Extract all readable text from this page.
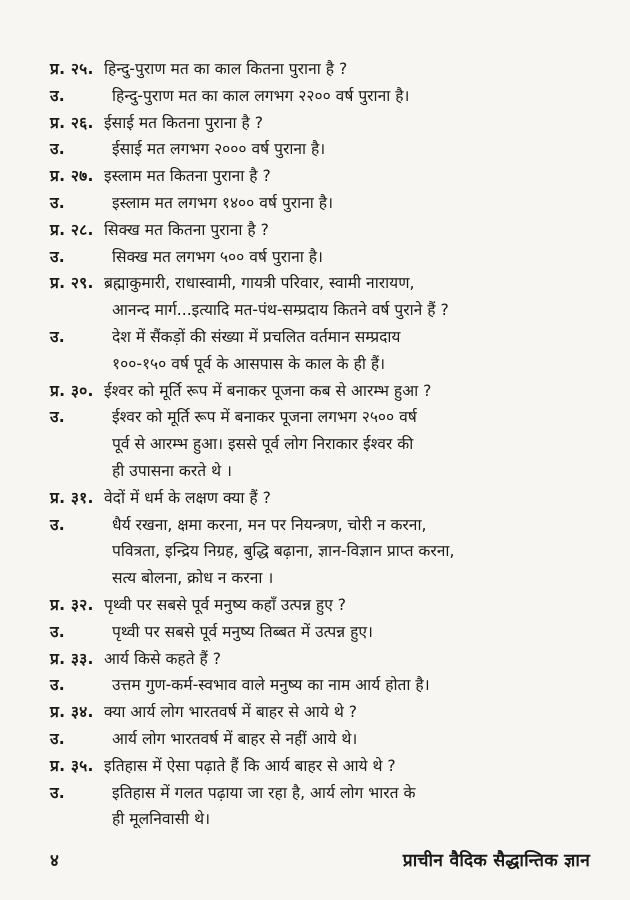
प्र. २५. हिन्दु-पुराण मत का काल कितना पुराना है ?
उ.	हिन्दु-पुराण मत का काल लगभग २२०० वर्ष पुराना है।
प्र. २६. ईसाई मत कितना पुराना है ?
उ.	ईसाई मत लगभग २००० वर्ष पुराना है।
प्र. २७. इस्लाम मत कितना पुराना है ?
उ.	इस्लाम मत लगभग १४०० वर्ष पुराना है।
प्र. २८. सिक्ख मत कितना पुराना है ?
उ.	सिक्ख मत लगभग ५०० वर्ष पुराना है।
प्र. २९. ब्रह्माकुमारी, राधास्वामी, गायत्री परिवार, स्वामी नारायण,
आनन्द मार्ग...इत्यादि मत-पंथ-सम्प्रदाय कितने वर्ष पुराने हैं ?
उ.	देश में सैंकड़ों की संख्या में प्रचलित वर्तमान सम्प्रदाय
१००-१५० वर्ष पूर्व के आसपास के काल के ही हैं।
प्र. ३०. ईश्वर को मूर्ति रूप में बनाकर पूजना कब से आरम्भ हुआ ?
उ.	ईश्वर को मूर्ति रूप में बनाकर पूजना लगभग २५०० वर्ष
पूर्व से आरम्भ हुआ। इससे पूर्व लोग निराकार ईश्वर की
ही उपासना करते थे ।
प्र. ३१. वेदों में धर्म के लक्षण क्या हैं ?
उ.	धैर्य रखना, क्षमा करना, मन पर नियन्त्रण, चोरी न करना,
पवित्रता, इन्द्रिय निग्रह, बुद्धि बढ़ाना, ज्ञान-विज्ञान प्राप्त करना,
सत्य बोलना, क्रोध न करना ।
प्र. ३२. पृथ्वी पर सबसे पूर्व मनुष्य कहाँ उत्पन्न हुए ?
उ.	पृथ्वी पर सबसे पूर्व मनुष्य तिब्बत में उत्पन्न हुए।
प्र. ३३. आर्य किसे कहते हैं ?
उ.	उत्तम गुण-कर्म-स्वभाव वाले मनुष्य का नाम आर्य होता है।
प्र. ३४. क्या आर्य लोग भारतवर्ष में बाहर से आये थे ?
उ.	आर्य लोग भारतवर्ष में बाहर से नहीं आये थे।
प्र. ३५. इतिहास में ऐसा पढ़ाते हैं कि आर्य बाहर से आये थे ?
उ.	इतिहास में गलत पढ़ाया जा रहा है, आर्य लोग भारत के
ही मूलनिवासी थे।
४	प्राचीन वैदिक सैद्धान्तिक ज्ञान
